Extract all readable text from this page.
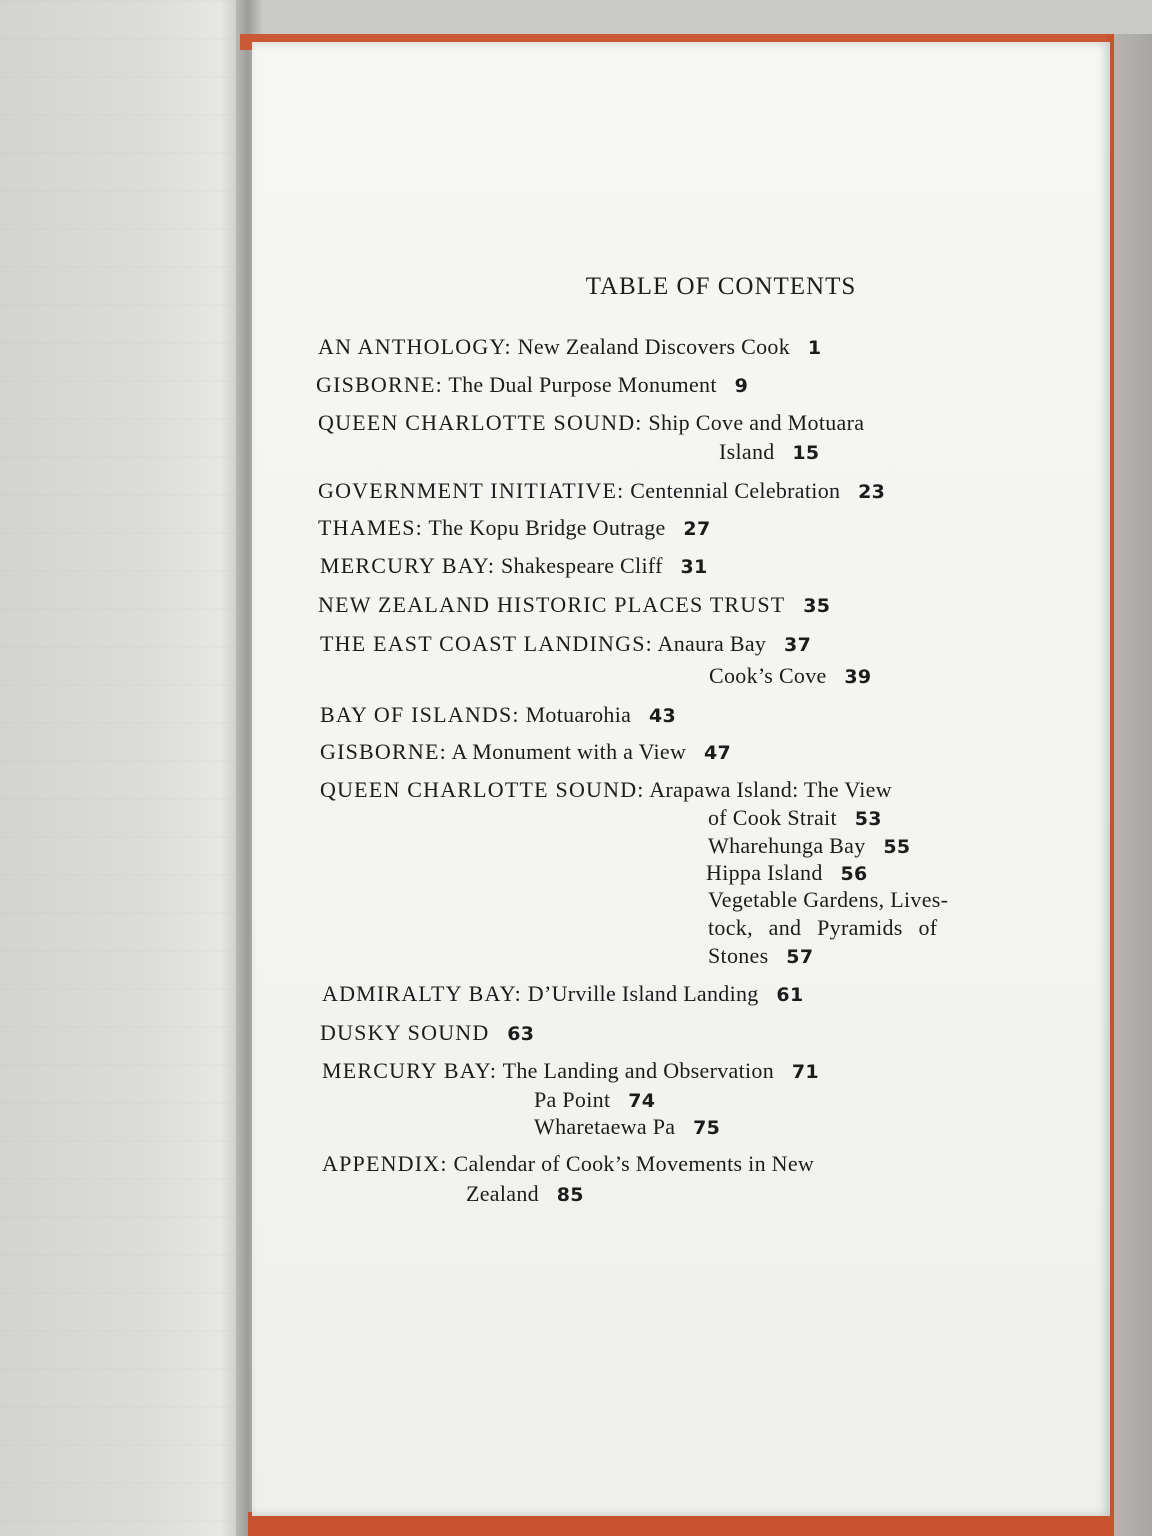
TABLE OF CONTENTS
AN ANTHOLOGY: New Zealand Discovers Cook 1
GISBORNE: The Dual Purpose Monument 9
QUEEN CHARLOTTE SOUND: Ship Cove and Motuara
Island 15
GOVERNMENT INITIATIVE: Centennial Celebration 23
THAMES: The Kopu Bridge Outrage 27
MERCURY BAY: Shakespeare Cliff 31
NEW ZEALAND HISTORIC PLACES TRUST 35
THE EAST COAST LANDINGS: Anaura Bay 37
Cook’s Cove 39
BAY OF ISLANDS: Motuarohia 43
GISBORNE: A Monument with a View 47
QUEEN CHARLOTTE SOUND: Arapawa Island: The View
of Cook Strait 53
Wharehunga Bay 55
Hippa Island 56
Vegetable Gardens, Lives-
tock, and Pyramids of
Stones 57
ADMIRALTY BAY: D’Urville Island Landing 61
DUSKY SOUND 63
MERCURY BAY: The Landing and Observation 71
Pa Point 74
Wharetaewa Pa 75
APPENDIX: Calendar of Cook’s Movements in New
Zealand 85
